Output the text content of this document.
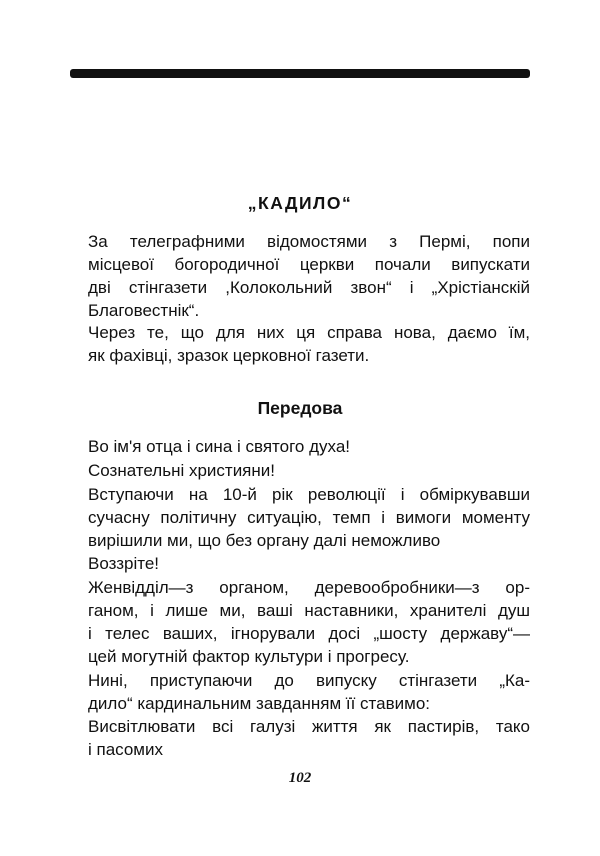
„КАДИЛО“
За телеграфними відомостями з Пермі, попи
місцевої богородичної церкви почали випускати
дві стінгазети ,Колокольний звон“ і „Хрістіанскій
Благовестнік“.
Через те, що для них ця справа нова, даємо їм,
як фахівці, зразок церковної газети.
Передова
Во ім'я отца і сина і святого духа!
Сознательні християни!
Вступаючи на 10-й рік революції і обміркувавши
сучасну політичну ситуацію, темп і вимоги моменту
вирішили ми, що без органу далі неможливо
Воззріте!
Женвідділ—з органом, деревообробники—з ор-
ганом, і лише ми, ваші наставники, хранителі душ
і телес ваших, ігнорували досі „шосту державу“—
цей могутній фактор культури і прогресу.
Нині, приступаючи до випуску стінгазети „Ка-
дило“ кардинальним завданням її ставимо:
Висвітлювати всі галузі життя як пастирів, тако
і пасомих
102
